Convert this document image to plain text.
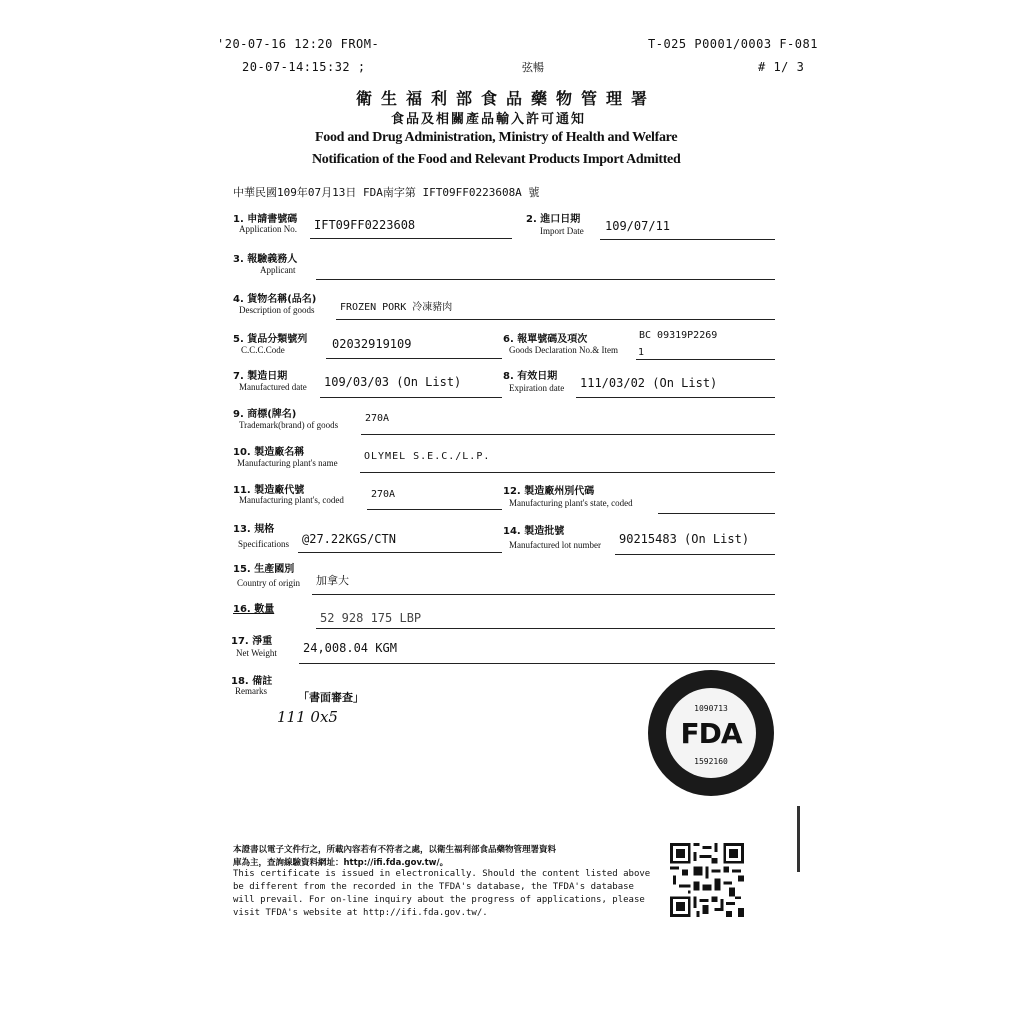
'20-07-16 12:20 FROM-	T-025 P0001/0003 F-081
20-07-14:15:32 ;	弦暢	# 1/ 3
衛生福利部食品藥物管理署
食品及相關產品輸入許可通知
Food and Drug Administration, Ministry of Health and Welfare
Notification of the Food and Relevant Products Import Admitted
中華民國109年07月13日 FDA南字第 IFT09FF0223608A 號
1. 申請書號碼
Application No. IFT09FF0223608	2. 進口日期
Import Date 109/07/11
3. 報驗義務人
Applicant
4. 貨物名稱(品名)
Description of goods	FROZEN PORK 冷凍豬肉
5. 貨品分類號列
C.C.C.Code	02032919109	6. 報單號碼及項次
Goods Declaration No.& Item
BC 09319P2269
1
7. 製造日期
Manufactured date 109/03/03 (On List)	8. 有效日期
Expiration date 111/03/02 (On List)
9. 商標(牌名)
Trademark(brand) of goods
270A
10. 製造廠名稱
Manufacturing plant's name
OLYMEL S.E.C./L.P.
11. 製造廠代號
Manufacturing plant's, coded	270A	12. 製造廠州別代碼
Manufacturing plant's state, coded
13. 規格
Specifications @27.22KGS/CTN
14. 製造批號
Manufactured lot number 90215483 (On List)
15. 生產國別
Country of origin 加拿大
16. 數量
52 928 175 LBP
17. 淨重
Net Weight 24,008.04 KGM
18. 備註
Remarks	「書面審查」
111 0x5	1090713
FDA
1592160
本證書以電子文件行之，所載內容若有不符者之處，以衛生福利部食品藥物管理署資料
庫為主，查詢線驗資料網址：http://ifi.fda.gov.tw/。
This certificate is issued in electronically. Should the content listed above
be different from the recorded in the TFDA's database, the TFDA's database
will prevail. For on-line inquiry about the progress of applications, please
visit TFDA's website at http://ifi.fda.gov.tw/.
